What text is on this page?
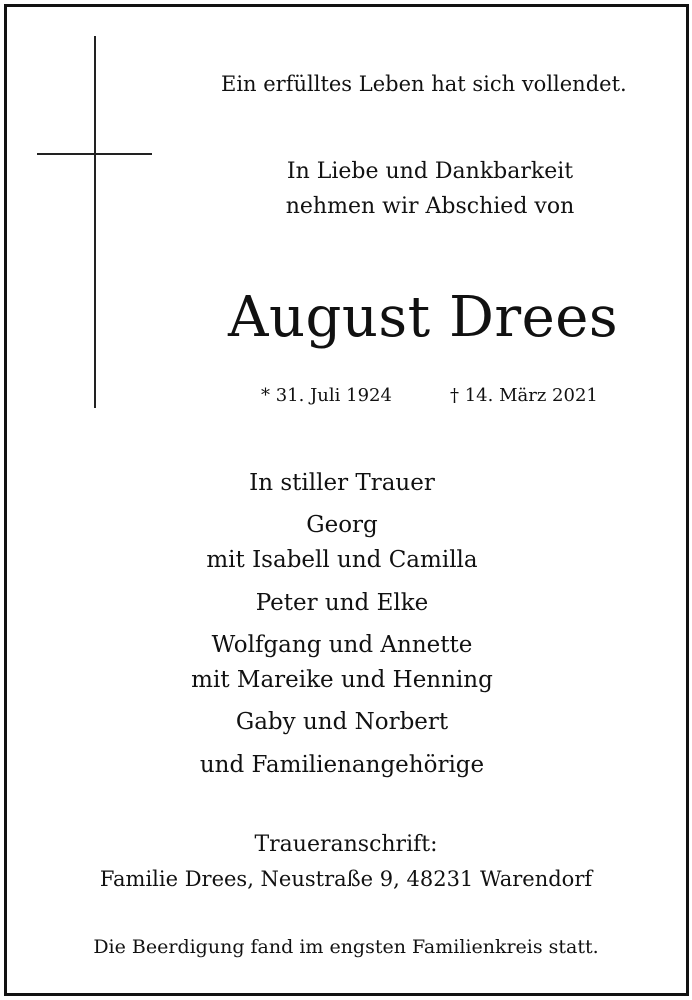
Ein erfülltes Leben hat sich vollendet.
In Liebe und Dankbarkeit
nehmen wir Abschied von
August Drees
* 31. Juli 1924	† 14. März 2021
In stiller Trauer
Georg
mit Isabell und Camilla
Peter und Elke
Wolfgang und Annette
mit Mareike und Henning
Gaby und Norbert
und Familienangehörige
Traueranschrift:
Familie Drees, Neustraße 9, 48231 Warendorf
Die Beerdigung fand im engsten Familienkreis statt.
